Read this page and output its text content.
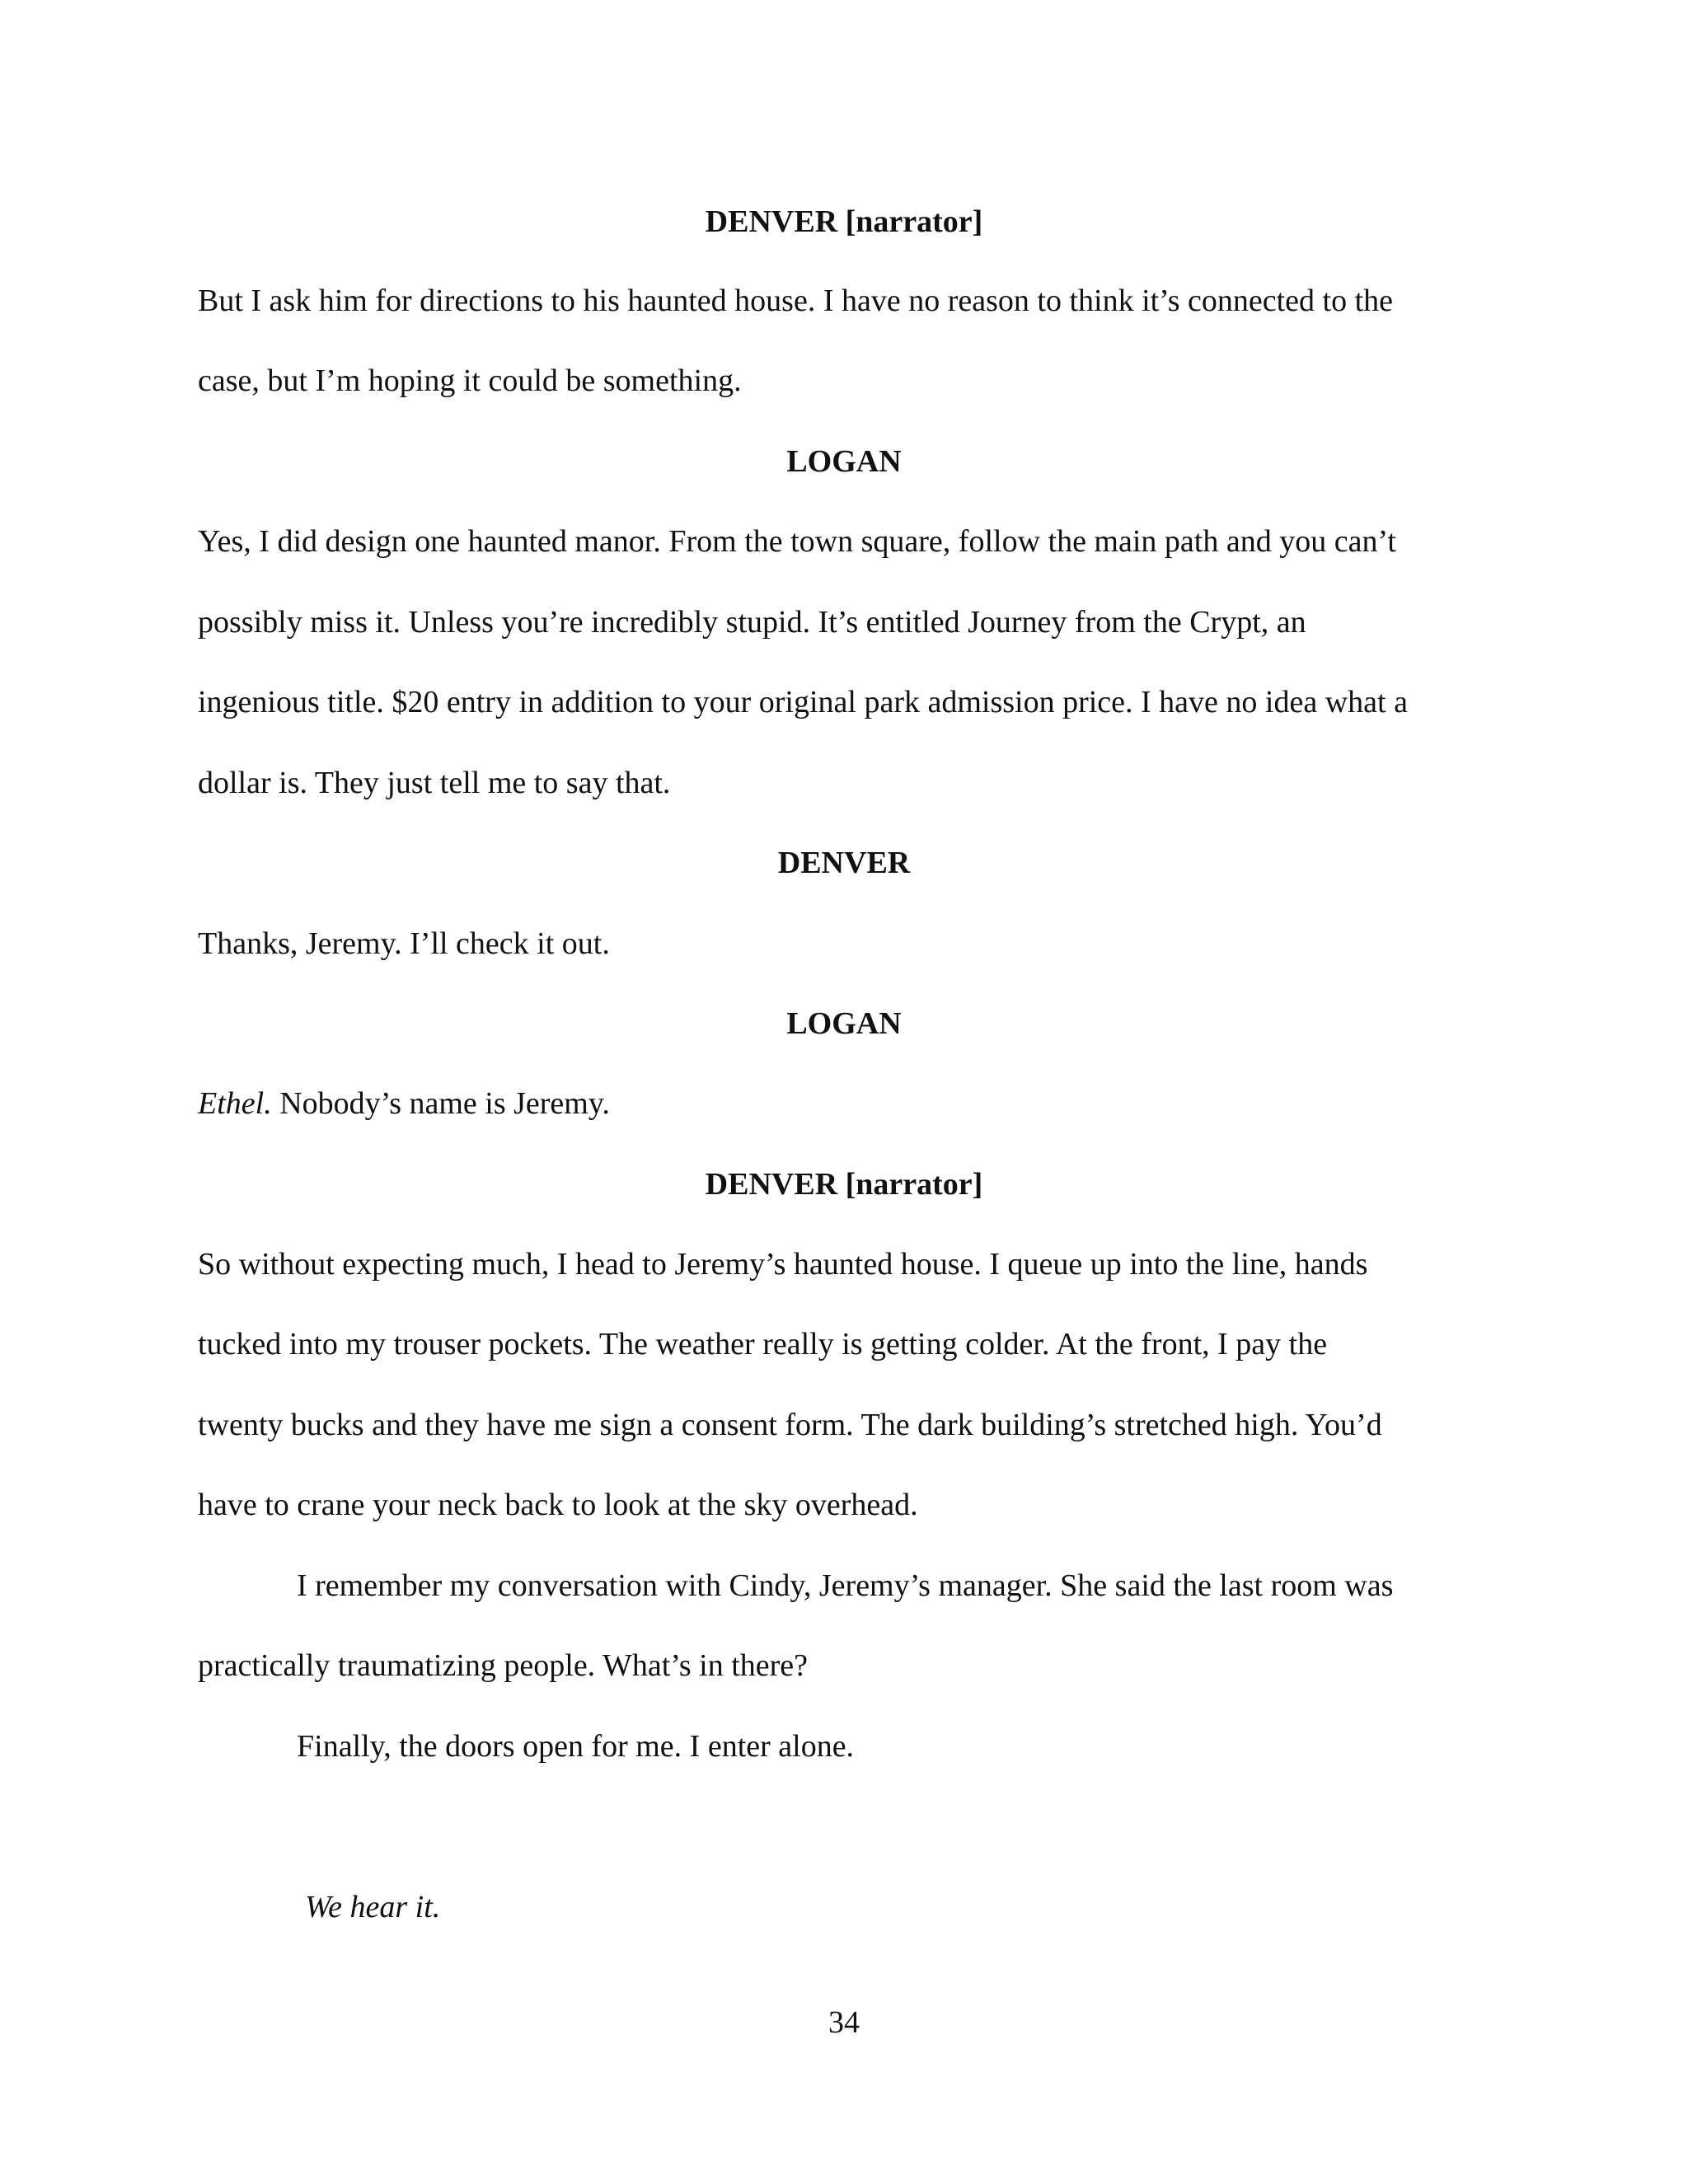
DENVER [narrator]
But I ask him for directions to his haunted house. I have no reason to think it’s connected to the
case, but I’m hoping it could be something.
LOGAN
Yes, I did design one haunted manor. From the town square, follow the main path and you can’t
possibly miss it. Unless you’re incredibly stupid. It’s entitled Journey from the Crypt, an
ingenious title. $20 entry in addition to your original park admission price. I have no idea what a
dollar is. They just tell me to say that.
DENVER
Thanks, Jeremy. I’ll check it out.
LOGAN
Ethel. Nobody’s name is Jeremy.
DENVER [narrator]
So without expecting much, I head to Jeremy’s haunted house. I queue up into the line, hands
tucked into my trouser pockets. The weather really is getting colder. At the front, I pay the
twenty bucks and they have me sign a consent form. The dark building’s stretched high. You’d
have to crane your neck back to look at the sky overhead.
I remember my conversation with Cindy, Jeremy’s manager. She said the last room was
practically traumatizing people. What’s in there?
Finally, the doors open for me. I enter alone.
We hear it.
34
